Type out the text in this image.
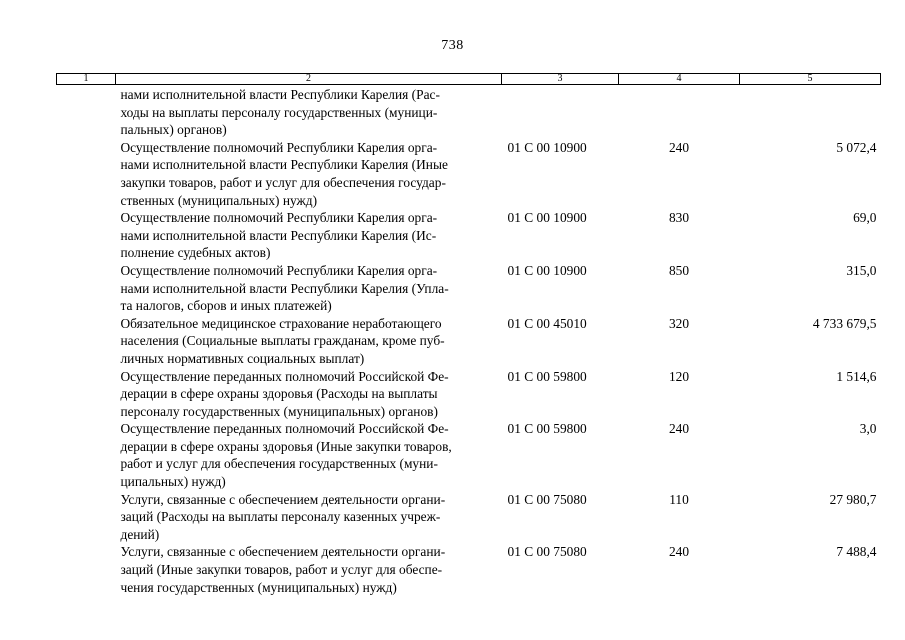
738
1	2	3	4	5

	нами исполнительной власти Республики Карелия (Рас-
ходы на выплаты персоналу государственных (муници-
пальных) органов)			

	Осуществление полномочий Республики Карелия орга-
нами исполнительной власти Республики Карелия (Иные
закупки товаров, работ и услуг для обеспечения государ-
ственных (муниципальных) нужд)	01 С 00 10900	240	5 072,4

	Осуществление полномочий Республики Карелия орга-
нами исполнительной власти Республики Карелия (Ис-
полнение судебных актов)	01 С 00 10900	830	69,0

	Осуществление полномочий Республики Карелия орга-
нами исполнительной власти Республики Карелия (Упла-
та налогов, сборов и иных платежей)	01 С 00 10900	850	315,0

	Обязательное медицинское страхование неработающего
населения (Социальные выплаты гражданам, кроме пуб-
личных нормативных социальных выплат)	01 С 00 45010	320	4 733 679,5

	Осуществление переданных полномочий Российской Фе-
дерации в сфере охраны здоровья (Расходы на выплаты
персоналу государственных (муниципальных) органов)	01 С 00 59800	120	1 514,6

	Осуществление переданных полномочий Российской Фе-
дерации в сфере охраны здоровья (Иные закупки товаров,
работ и услуг для обеспечения государственных (муни-
ципальных) нужд)	01 С 00 59800	240	3,0

	Услуги, связанные с обеспечением деятельности органи-
заций (Расходы на выплаты персоналу казенных учреж-
дений)	01 С 00 75080	110	27 980,7

	Услуги, связанные с обеспечением деятельности органи-
заций (Иные закупки товаров, работ и услуг для обеспе-
чения государственных (муниципальных) нужд)	01 С 00 75080	240	7 488,4
